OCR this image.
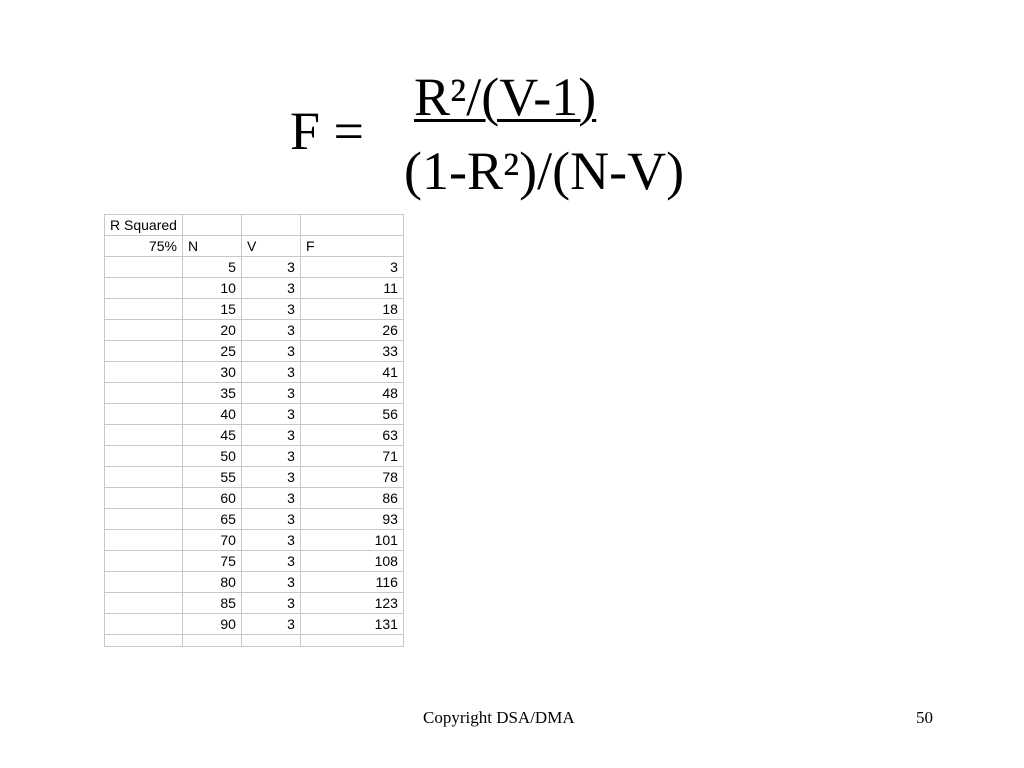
F =
R²/(V-1)
(1-R²)/(N-V)
R Squared			
75%	N	V	F
	5	3	3
	10	3	11
	15	3	18
	20	3	26
	25	3	33
	30	3	41
	35	3	48
	40	3	56
	45	3	63
	50	3	71
	55	3	78
	60	3	86
	65	3	93
	70	3	101
	75	3	108
	80	3	116
	85	3	123
	90	3	131

Copyright DSA/DMA	50
